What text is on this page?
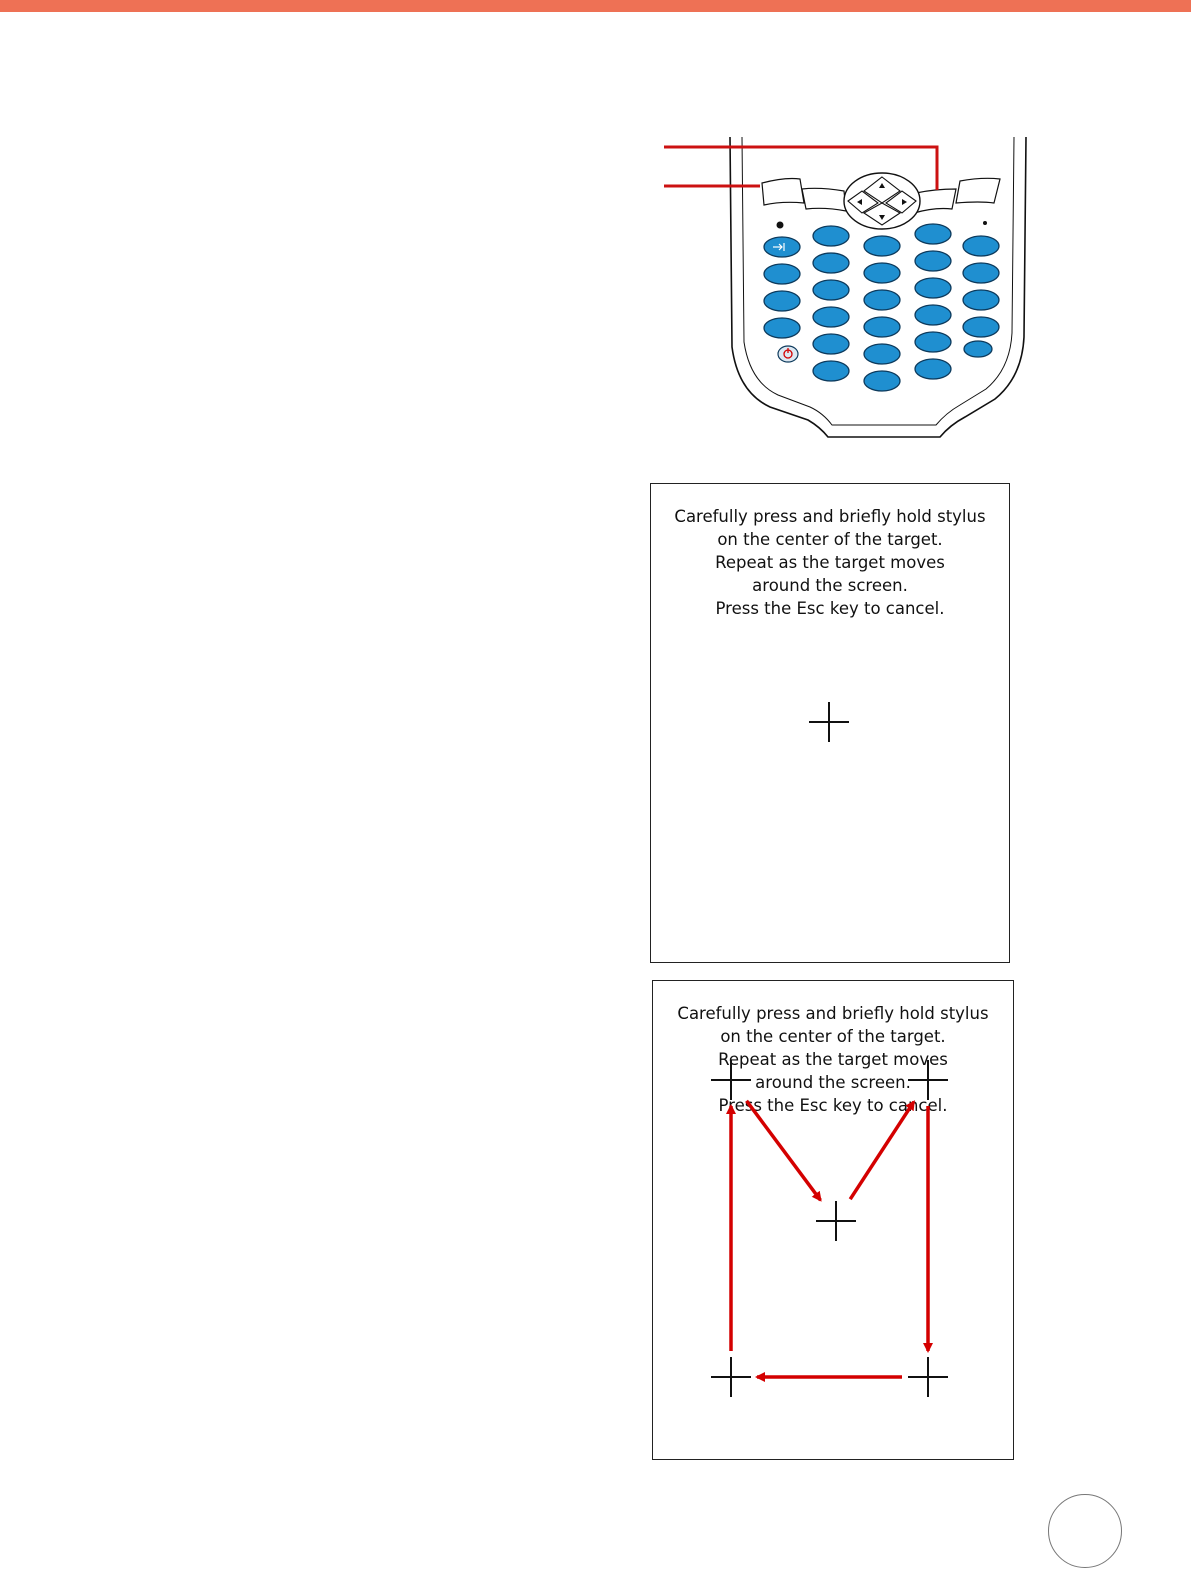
Carefully press and briefly hold stylus
on the center of the target.
Repeat as the target moves
around the screen.
Press the Esc key to cancel.
Carefully press and briefly hold stylus
on the center of the target.
Repeat as the target moves
around the screen.
Press the Esc key to cancel.
